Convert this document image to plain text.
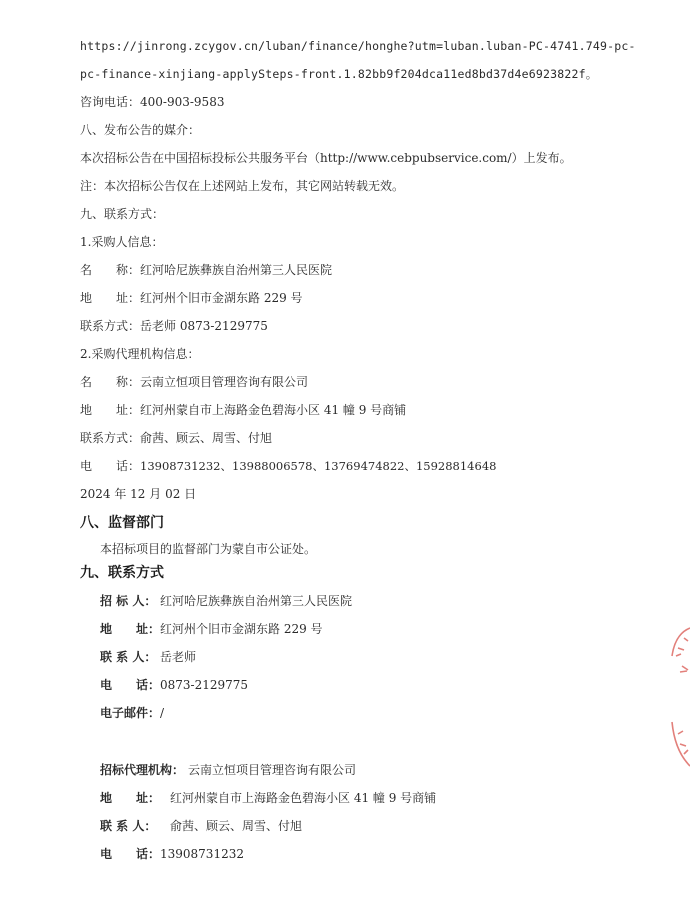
https://jinrong.zcygov.cn/luban/finance/honghe?utm=luban.luban-PC-4741.749-pc-
pc-finance-xinjiang-applySteps-front.1.82bb9f204dca11ed8bd37d4e6923822f。
咨询电话：400-903-9583
八、发布公告的媒介：
本次招标公告在中国招标投标公共服务平台（http://www.cebpubservice.com/）上发布。
注：本次招标公告仅在上述网站上发布，其它网站转载无效。
九、联系方式：
1.采购人信息：
名　　称：红河哈尼族彝族自治州第三人民医院
地　　址：红河州个旧市金湖东路 229 号
联系方式：岳老师 0873-2129775
2.采购代理机构信息：
名　　称：云南立恒项目管理咨询有限公司
地　　址：红河州蒙自市上海路金色碧海小区 41 幢 9 号商铺
联系方式：俞茜、顾云、周雪、付旭
电　　话：13908731232、13988006578、13769474822、15928814648
2024 年 12 月 02 日
八、监督部门
本招标项目的监督部门为蒙自市公证处。
九、联系方式
招 标 人： 红河哈尼族彝族自治州第三人民医院
地　　址：红河州个旧市金湖东路 229 号
联 系 人： 岳老师
电　　话：0873-2129775
电子邮件：/
招标代理机构： 云南立恒项目管理咨询有限公司
地　　址： 红河州蒙自市上海路金色碧海小区 41 幢 9 号商铺
联 系 人： 俞茜、顾云、周雪、付旭
电　　话：13908731232
